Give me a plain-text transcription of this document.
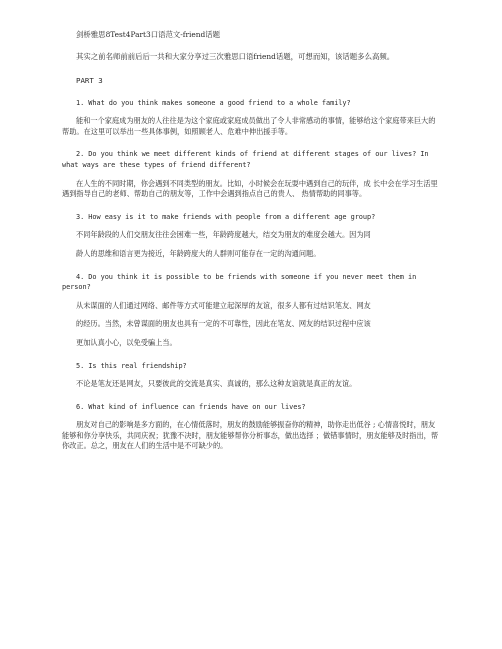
剑桥雅思8Test4Part3口语范文-friend话题

其实之前名师前前后后一共和大家分享过三次雅思口语friend话题，可想而知，该话题多么高频。

PART 3

1. What do you think makes someone a good friend to a whole family?

能和一个家庭成为朋友的人往往是为这个家庭或家庭成员做出了令人非常感动的事情，能够给这个家庭带来巨大的帮助。在这里可以举出一些具体事例，如照顾老人、危难中伸出援手等。

2. Do you think we meet different kinds of friend at different stages of our lives? In what ways are these types of friend different?

在人生的不同时期，你会遇到不同类型的朋友。比如，小时候会在玩耍中遇到自己的玩伴，成 长中会在学习生活里遇到指导自己的老师、帮助自己的朋友等，工作中会遇到指点自己的贵人、 热情帮助的同事等。

3. How easy is it to make friends with people from a different age group?

不同年龄段的人们交朋友往往会困难一些，年龄跨度越大，结交为朋友的难度会越大。因为同

龄人的思维和语言更为接近，年龄跨度大的人群则可能存在一定的沟通问题。

4. Do you think it is possible to be friends with someone if you never meet them in person?

从未谋面的人们通过网络、邮件等方式可能建立起深厚的友谊，很多人都有过结识笔友、网友

的经历。当然，未曾谋面的朋友也具有一定的不可靠性，因此在笔友、网友的结识过程中应该

更加认真小心，以免受骗上当。

5. Is this real friendship?

不论是笔友还是网友，只要彼此的交流是真实、真诚的，那么这种友谊就是真正的友谊。

6. What kind of influence can friends have on our lives?

朋友对自己的影响是多方面的，在心情低落时，朋友的鼓励能够振奋你的精神，助你走出低谷 ; 心情喜悦时，朋友能够和你分享快乐，共同庆祝；犹豫不决时，朋友能够帮你分析事态，做出选择 ；做错事情时，朋友能够及时指出，帮你改正。总之，朋友在人们的生活中是不可缺少的。
